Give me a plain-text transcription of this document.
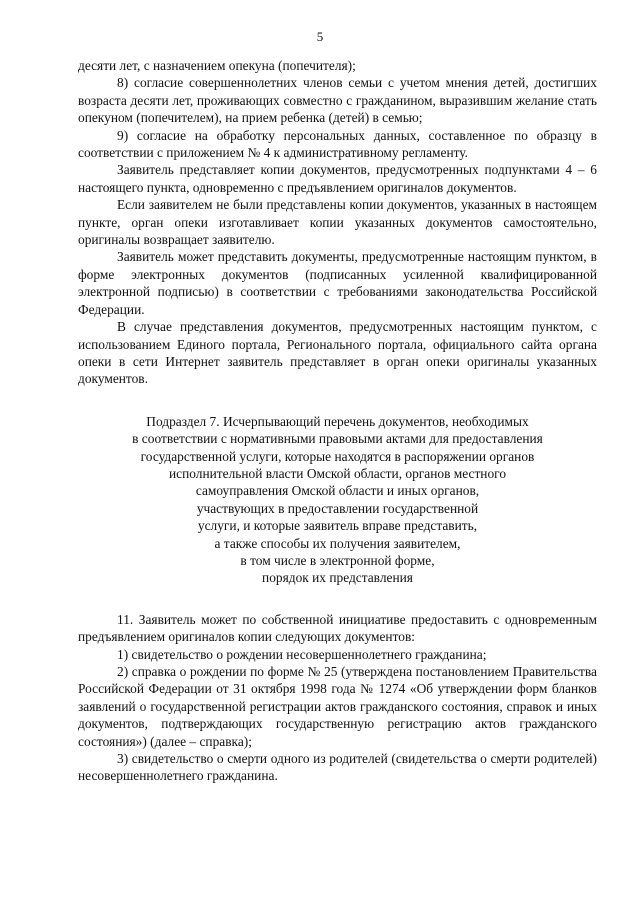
5

десяти лет, с назначением опекуна (попечителя);

8) согласие совершеннолетних членов семьи с учетом мнения детей, достигших возраста десяти лет, проживающих совместно с гражданином, выразившим желание стать опекуном (попечителем), на прием ребенка (детей) в семью;

9) согласие на обработку персональных данных, составленное по образцу в соответствии с приложением № 4 к административному регламенту.

Заявитель представляет копии документов, предусмотренных подпунктами 4 – 6 настоящего пункта, одновременно с предъявлением оригиналов документов.

Если заявителем не были представлены копии документов, указанных в настоящем пункте, орган опеки изготавливает копии указанных документов самостоятельно, оригиналы возвращает заявителю.

Заявитель может представить документы, предусмотренные настоящим пунктом, в форме электронных документов (подписанных усиленной квалифицированной электронной подписью) в соответствии с требованиями законодательства Российской Федерации.

В случае представления документов, предусмотренных настоящим пунктом, с использованием Единого портала, Регионального портала, официального сайта органа опеки в сети Интернет заявитель представляет в орган опеки оригиналы указанных документов.

Подраздел 7. Исчерпывающий перечень документов, необходимых
в соответствии с нормативными правовыми актами для предоставления
государственной услуги, которые находятся в распоряжении органов
исполнительной власти Омской области, органов местного
самоуправления Омской области и иных органов,
участвующих в предоставлении государственной
услуги, и которые заявитель вправе представить,
а также способы их получения заявителем,
в том числе в электронной форме,
порядок их представления

11. Заявитель может по собственной инициативе предоставить с одновременным предъявлением оригиналов копии следующих документов:

1) свидетельство о рождении несовершеннолетнего гражданина;

2) справка о рождении по форме № 25 (утверждена постановлением Правительства Российской Федерации от 31 октября 1998 года № 1274 «Об утверждении форм бланков заявлений о государственной регистрации актов гражданского состояния, справок и иных документов, подтверждающих государственную регистрацию актов гражданского состояния») (далее – справка);

3) свидетельство о смерти одного из родителей (свидетельства о смерти родителей) несовершеннолетнего гражданина.
